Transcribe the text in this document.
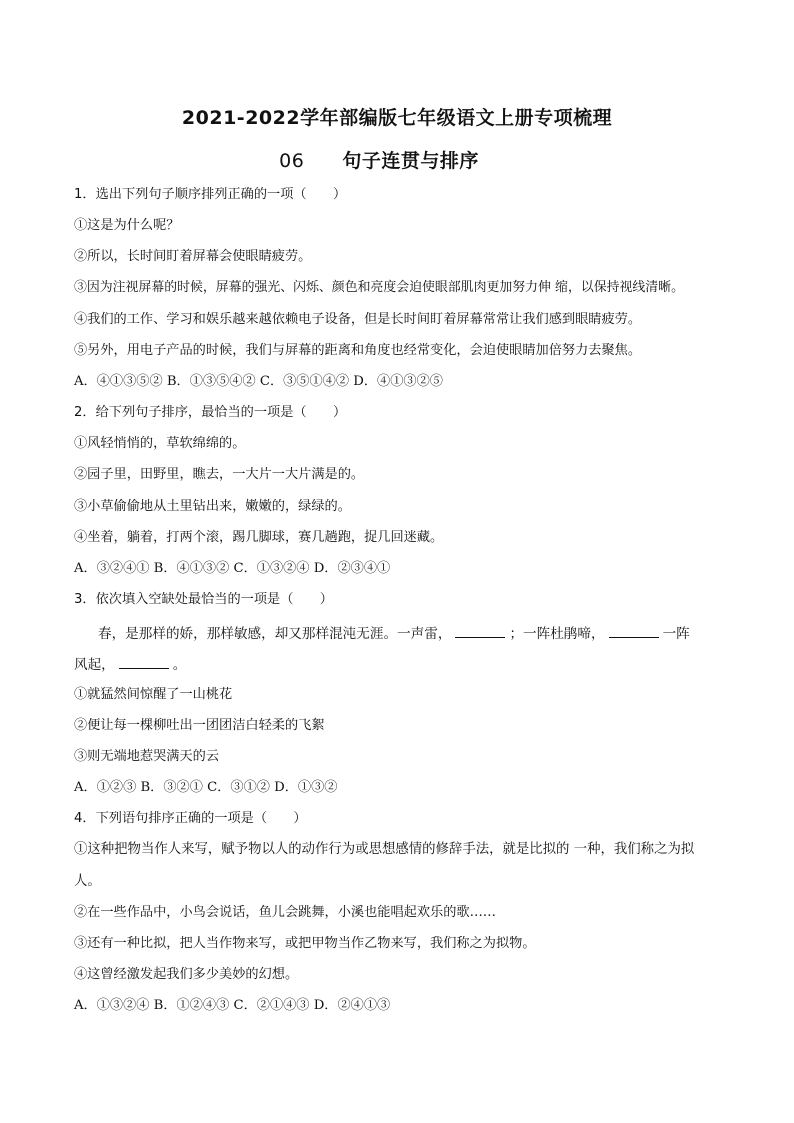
2021-2022学年部编版七年级语文上册专项梳理
06 句子连贯与排序
1．选出下列句子顺序排列正确的一项（　　）
①这是为什么呢？
②所以，长时间盯着屏幕会使眼睛疲劳。
③因为注视屏幕的时候，屏幕的强光、闪烁、颜色和亮度会迫使眼部肌肉更加努力伸 缩，以保持视线清晰。
④我们的工作、学习和娱乐越来越依赖电子设备，但是长时间盯着屏幕常常让我们感到眼睛疲劳。
⑤另外，用电子产品的时候，我们与屏幕的距离和角度也经常变化，会迫使眼睛加倍努力去聚焦。
A．④①③⑤② B．①③⑤④② C．③⑤①④② D．④①③②⑤
2．给下列句子排序，最恰当的一项是（　　）
①风轻悄悄的，草软绵绵的。
②园子里，田野里，瞧去，一大片一大片满是的。
③小草偷偷地从土里钻出来，嫩嫩的，绿绿的。
④坐着，躺着，打两个滚，踢几脚球，赛几趟跑，捉几回迷藏。
A．③②④① B．④①③② C．①③②④ D．②③④①
3．依次填入空缺处最恰当的一项是（　　）
春，是那样的娇，那样敏感，却又那样混沌无涯。一声雷，	；一阵杜鹃啼，	一阵
风起，	。
①就猛然间惊醒了一山桃花
②便让每一棵柳吐出一团团洁白轻柔的飞絮
③则无端地惹哭满天的云
A．①②③ B．③②① C．③①② D．①③②
4．下列语句排序正确的一项是（　　）
①这种把物当作人来写，赋予物以人的动作行为或思想感情的修辞手法，就是比拟的 一种，我们称之为拟
人。
②在一些作品中，小鸟会说话，鱼儿会跳舞，小溪也能唱起欢乐的歌……
③还有一种比拟，把人当作物来写，或把甲物当作乙物来写，我们称之为拟物。
④这曾经激发起我们多少美妙的幻想。
A．①③②④ B．①②④③ C．②①④③ D．②④①③
